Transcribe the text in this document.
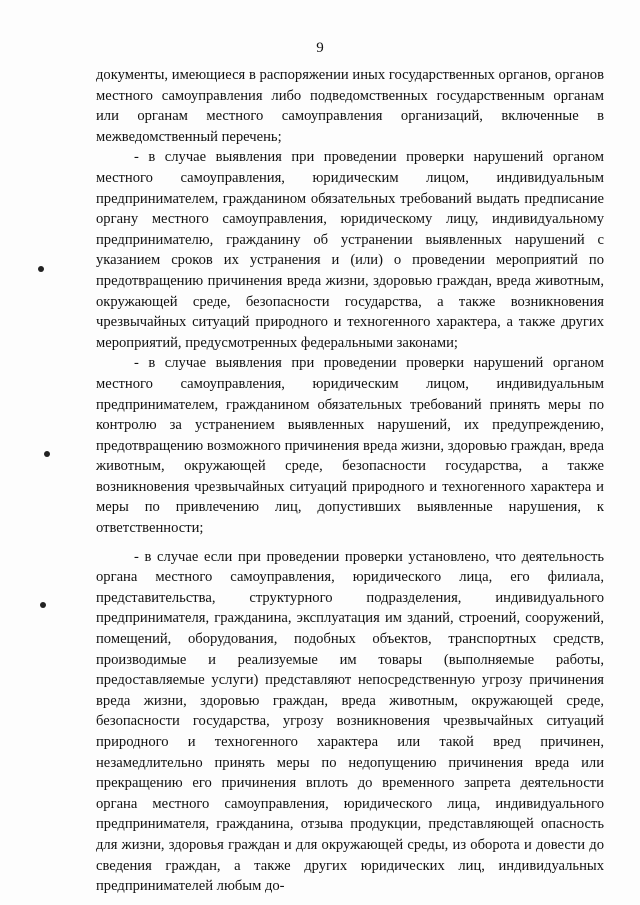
9

документы, имеющиеся в распоряжении иных государственных органов, органов местного самоуправления либо подведомственных государственным органам или органам местного самоуправления организаций, включенные в межведомственный перечень;

- в случае выявления при проведении проверки нарушений органом местного самоуправления, юридическим лицом, индивидуальным предпринимателем, гражданином обязательных требований выдать предписание органу местного самоуправления, юридическому лицу, индивидуальному предпринимателю, гражданину об устранении выявленных нарушений с указанием сроков их устранения и (или) о проведении мероприятий по предотвращению причинения вреда жизни, здоровью граждан, вреда животным, окружающей среде, безопасности государства, а также возникновения чрезвычайных ситуаций природного и техногенного характера, а также других мероприятий, предусмотренных федеральными законами;

- в случае выявления при проведении проверки нарушений органом местного самоуправления, юридическим лицом, индивидуальным предпринимателем, гражданином обязательных требований принять меры по контролю за устранением выявленных нарушений, их предупреждению, предотвращению возможного причинения вреда жизни, здоровью граждан, вреда животным, окружающей среде, безопасности государства, а также возникновения чрезвычайных ситуаций природного и техногенного характера и меры по привлечению лиц, допустивших выявленные нарушения, к ответственности;

- в случае если при проведении проверки установлено, что деятельность органа местного самоуправления, юридического лица, его филиала, представительства, структурного подразделения, индивидуального предпринимателя, гражданина, эксплуатация им зданий, строений, сооружений, помещений, оборудования, подобных объектов, транспортных средств, производимые и реализуемые им товары (выполняемые работы, предоставляемые услуги) представляют непосредственную угрозу причинения вреда жизни, здоровью граждан, вреда животным, окружающей среде, безопасности государства, угрозу возникновения чрезвычайных ситуаций природного и техногенного характера или такой вред причинен, незамедлительно принять меры по недопущению причинения вреда или прекращению его причинения вплоть до временного запрета деятельности органа местного самоуправления, юридического лица, индивидуального предпринимателя, гражданина, отзыва продукции, представляющей опасность для жизни, здоровья граждан и для окружающей среды, из оборота и довести до сведения граждан, а также других юридических лиц, индивидуальных предпринимателей любым до-
